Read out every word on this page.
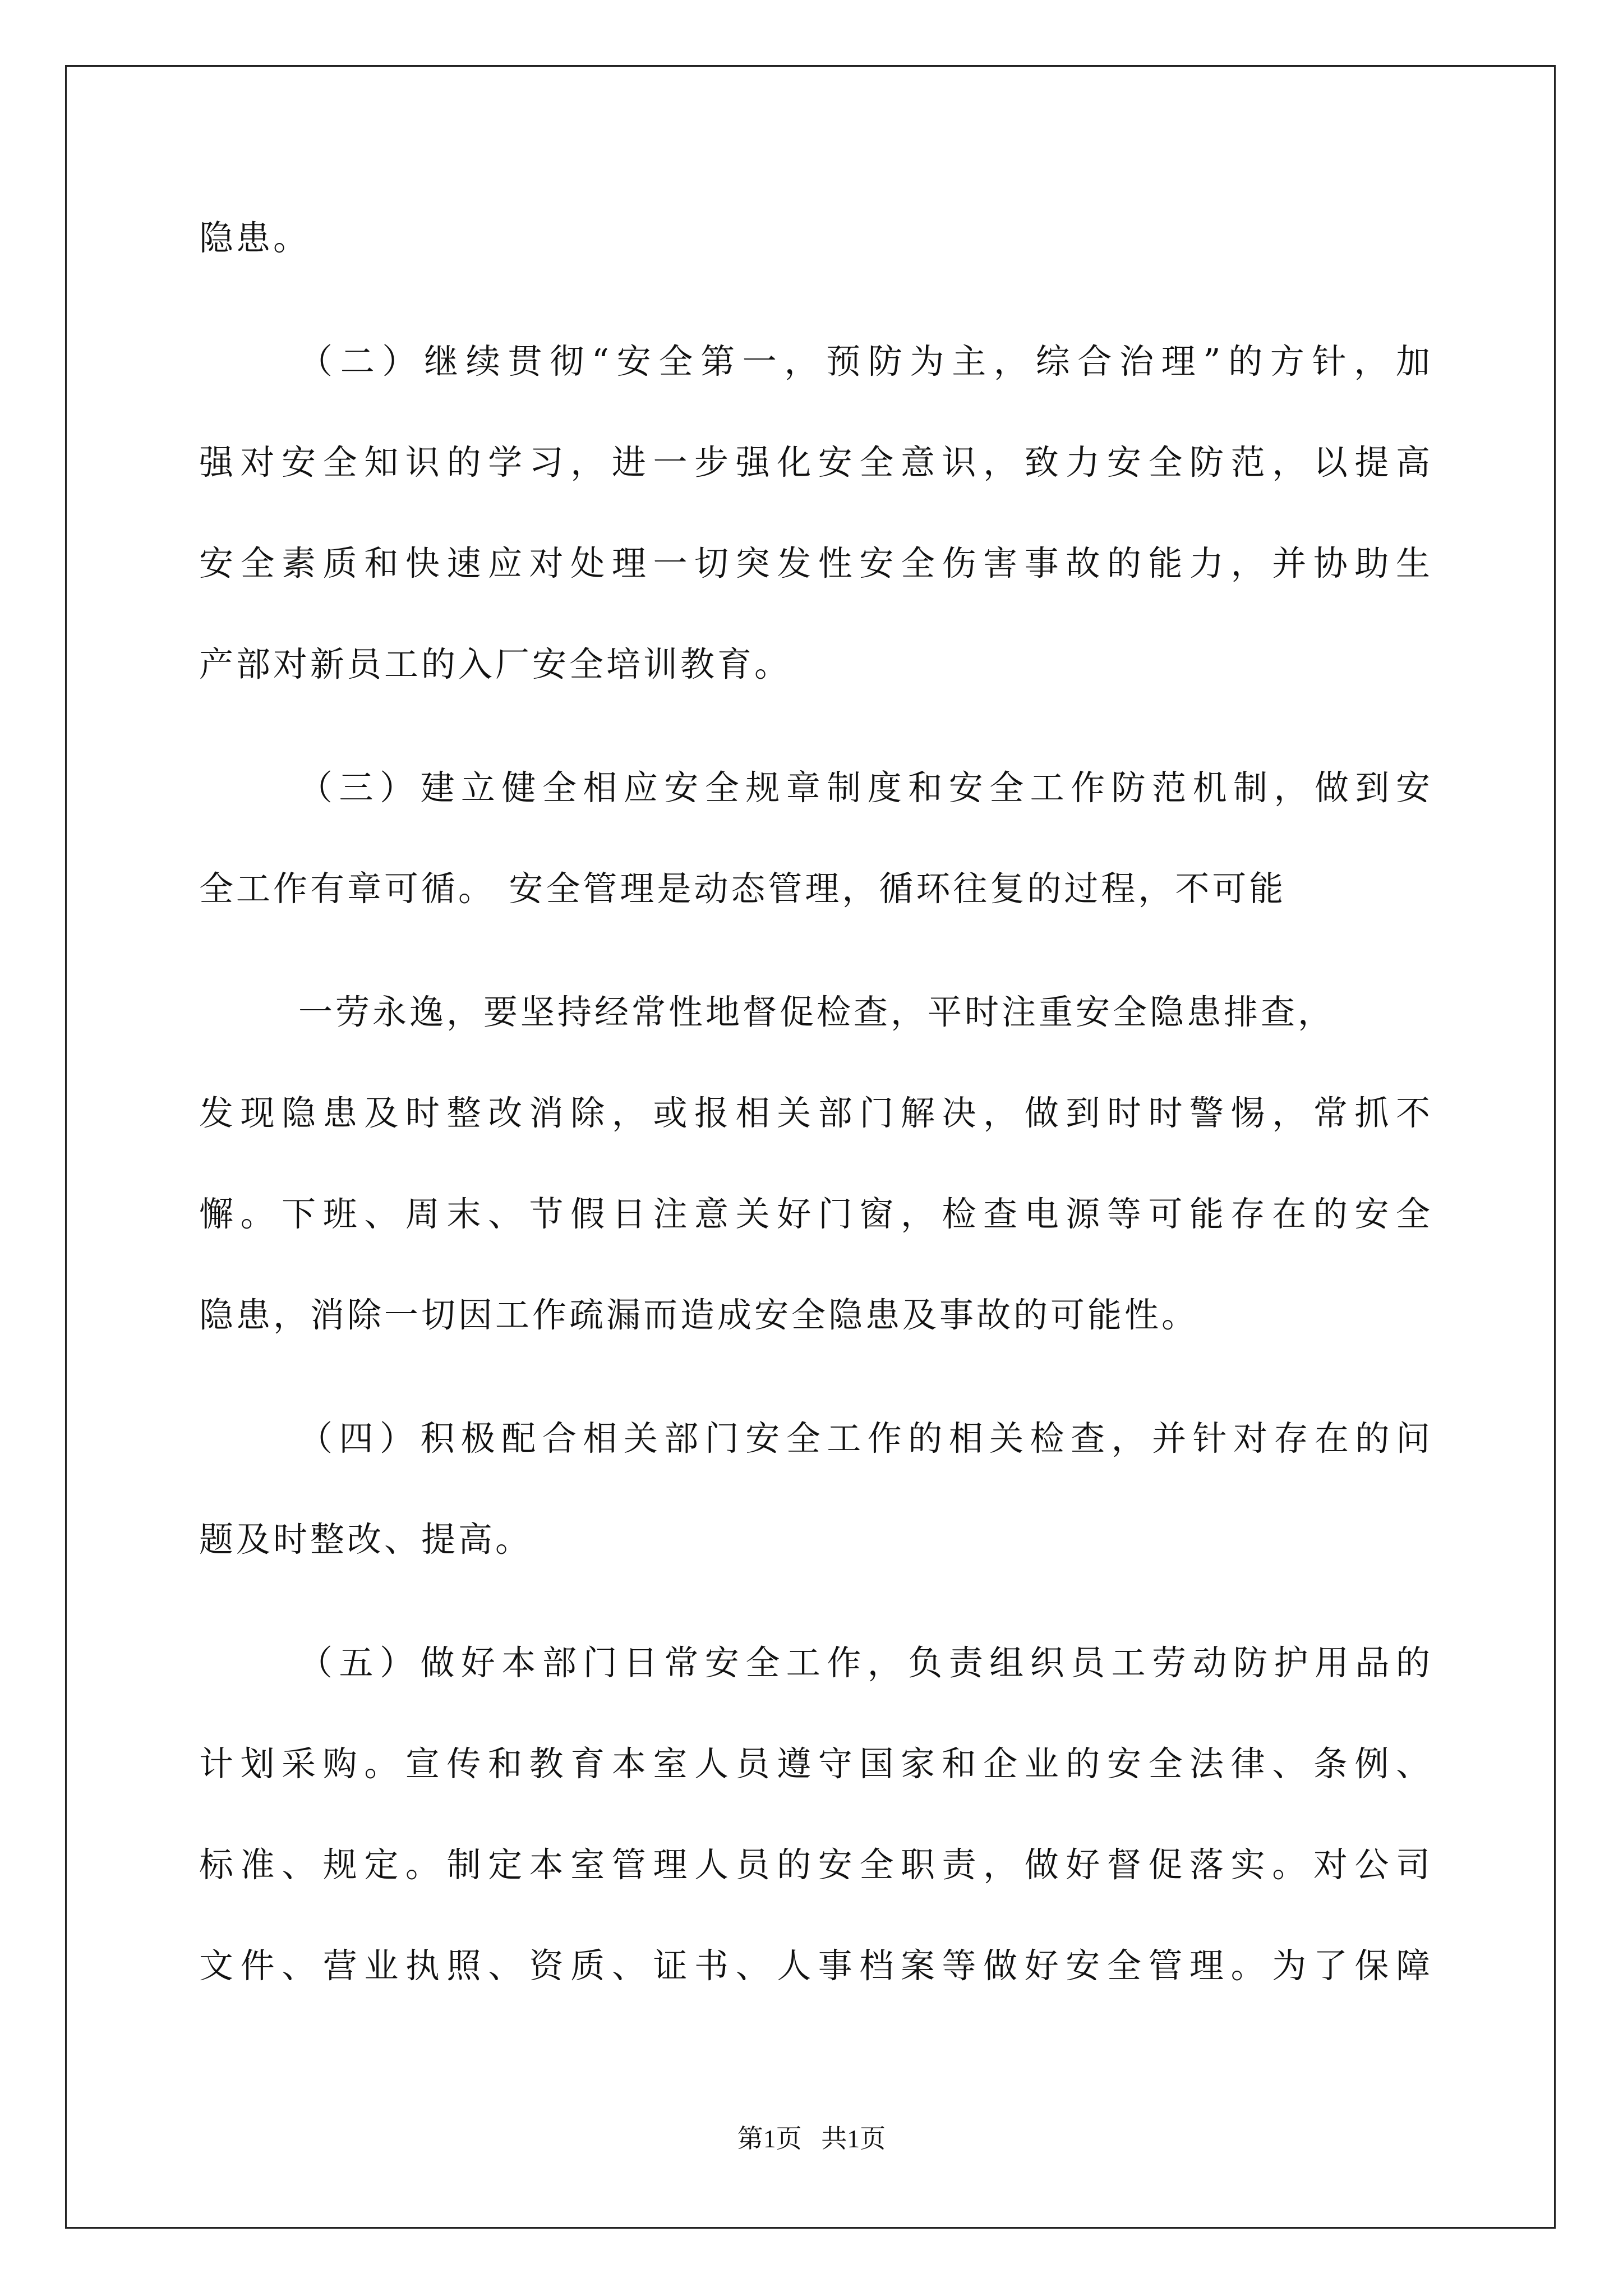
隐患。
（二）继续贯彻“安全第一，预防为主，综合治理”的方针，加
强对安全知识的学习，进一步强化安全意识，致力安全防范，以提高
安全素质和快速应对处理一切突发性安全伤害事故的能力，并协助生
产部对新员工的入厂安全培训教育。
（三）建立健全相应安全规章制度和安全工作防范机制，做到安
全工作有章可循。 安全管理是动态管理，循环往复的过程，不可能
一劳永逸，要坚持经常性地督促检查，平时注重安全隐患排查，
发现隐患及时整改消除，或报相关部门解决，做到时时警惕，常抓不
懈。下班、周末、节假日注意关好门窗，检查电源等可能存在的安全
隐患，消除一切因工作疏漏而造成安全隐患及事故的可能性。
（四）积极配合相关部门安全工作的相关检查，并针对存在的问
题及时整改、提高。
（五）做好本部门日常安全工作，负责组织员工劳动防护用品的
计划采购。宣传和教育本室人员遵守国家和企业的安全法律、条例、
标准、规定。制定本室管理人员的安全职责，做好督促落实。对公司
文件、营业执照、资质、证书、人事档案等做好安全管理。为了保障
第1页   共1页
